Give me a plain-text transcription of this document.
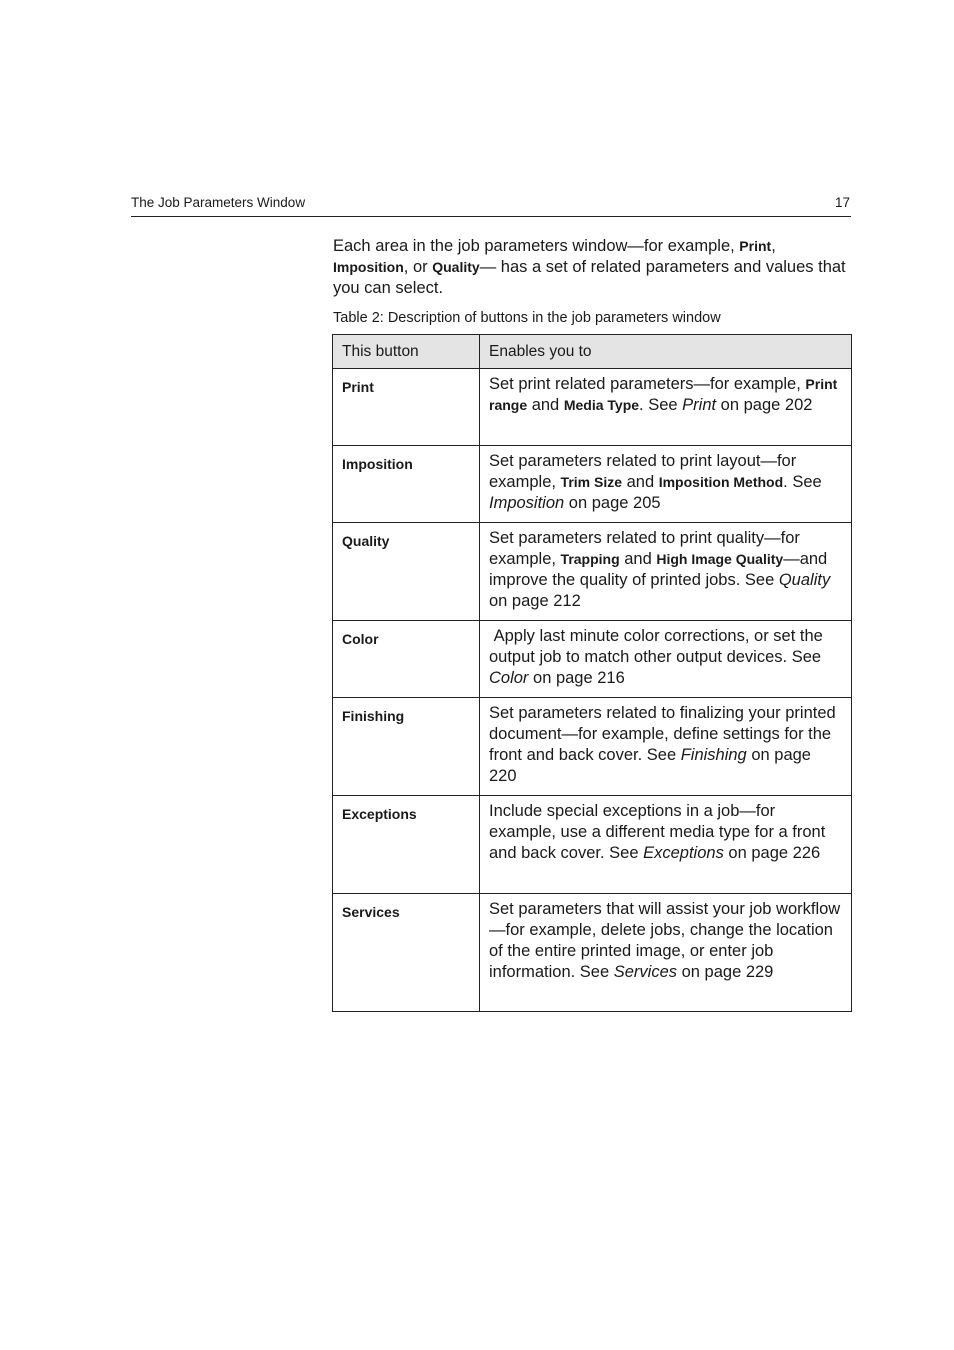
The Job Parameters Window	17

Each area in the job parameters window—for example, Print, Imposition, or Quality— has a set of related parameters and values that you can select.

Table 2: Description of buttons in the job parameters window

This button	Enables you to
Print	Set print related parameters—for example, Print range and Media Type. See Print on page 202
Imposition	Set parameters related to print layout—for example, Trim Size and Imposition Method. See Imposition on page 205
Quality	Set parameters related to print quality—for example, Trapping and High Image Quality—and improve the quality of printed jobs. See Quality on page 212
Color	Apply last minute color corrections, or set the output job to match other output devices. See Color on page 216
Finishing	Set parameters related to finalizing your printed document—for example, define settings for the front and back cover. See Finishing on page 220
Exceptions	Include special exceptions in a job—for example, use a different media type for a front and back cover. See Exceptions on page 226
Services	Set parameters that will assist your job workflow—for example, delete jobs, change the location of the entire printed image, or enter job information. See Services on page 229
